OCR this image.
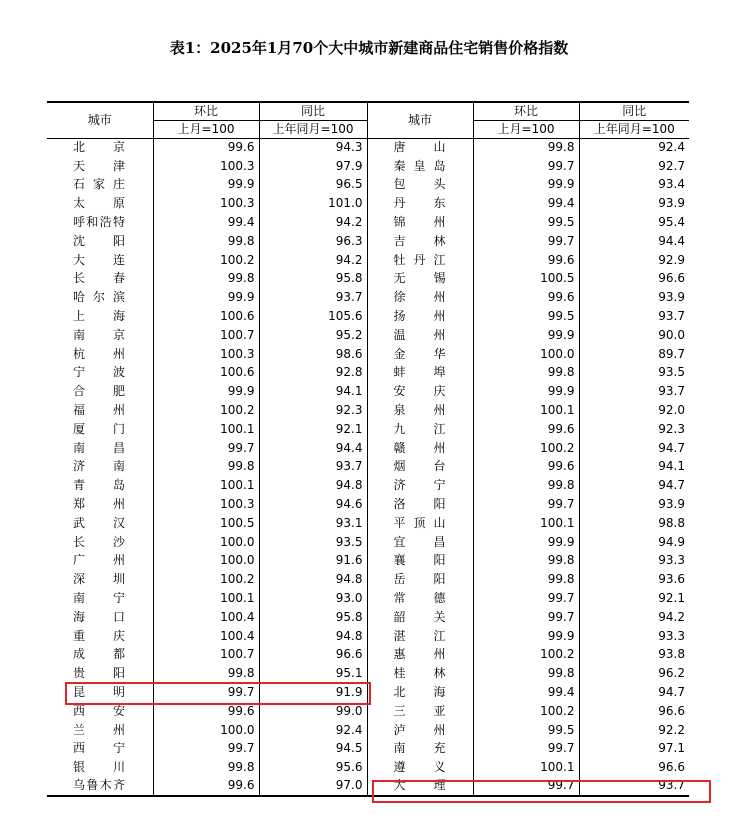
表1：2025年1月70个大中城市新建商品住宅销售价格指数
城市	环比	同比	城市	环比	同比
	上月=100	上年同月=100		上月=100	上年同月=100
北京	99.6	94.3	唐山	99.8	92.4
天津	100.3	97.9	秦皇岛	99.7	92.7
石家庄	99.9	96.5	包头	99.9	93.4
太原	100.3	101.0	丹东	99.4	93.9
呼和浩特	99.4	94.2	锦州	99.5	95.4
沈阳	99.8	96.3	吉林	99.7	94.4
大连	100.2	94.2	牡丹江	99.6	92.9
长春	99.8	95.8	无锡	100.5	96.6
哈尔滨	99.9	93.7	徐州	99.6	93.9
上海	100.6	105.6	扬州	99.5	93.7
南京	100.7	95.2	温州	99.9	90.0
杭州	100.3	98.6	金华	100.0	89.7
宁波	100.6	92.8	蚌埠	99.8	93.5
合肥	99.9	94.1	安庆	99.9	93.7
福州	100.2	92.3	泉州	100.1	92.0
厦门	100.1	92.1	九江	99.6	92.3
南昌	99.7	94.4	赣州	100.2	94.7
济南	99.8	93.7	烟台	99.6	94.1
青岛	100.1	94.8	济宁	99.8	94.7
郑州	100.3	94.6	洛阳	99.7	93.9
武汉	100.5	93.1	平顶山	100.1	98.8
长沙	100.0	93.5	宜昌	99.9	94.9
广州	100.0	91.6	襄阳	99.8	93.3
深圳	100.2	94.8	岳阳	99.8	93.6
南宁	100.1	93.0	常德	99.7	92.1
海口	100.4	95.8	韶关	99.7	94.2
重庆	100.4	94.8	湛江	99.9	93.3
成都	100.7	96.6	惠州	100.2	93.8
贵阳	99.8	95.1	桂林	99.8	96.2
昆明	99.7	91.9	北海	99.4	94.7
西安	99.6	99.0	三亚	100.2	96.6
兰州	100.0	92.4	泸州	99.5	92.2
西宁	99.7	94.5	南充	99.7	97.1
银川	99.8	95.6	遵义	100.1	96.6
乌鲁木齐	99.6	97.0	大理	99.7	93.7
